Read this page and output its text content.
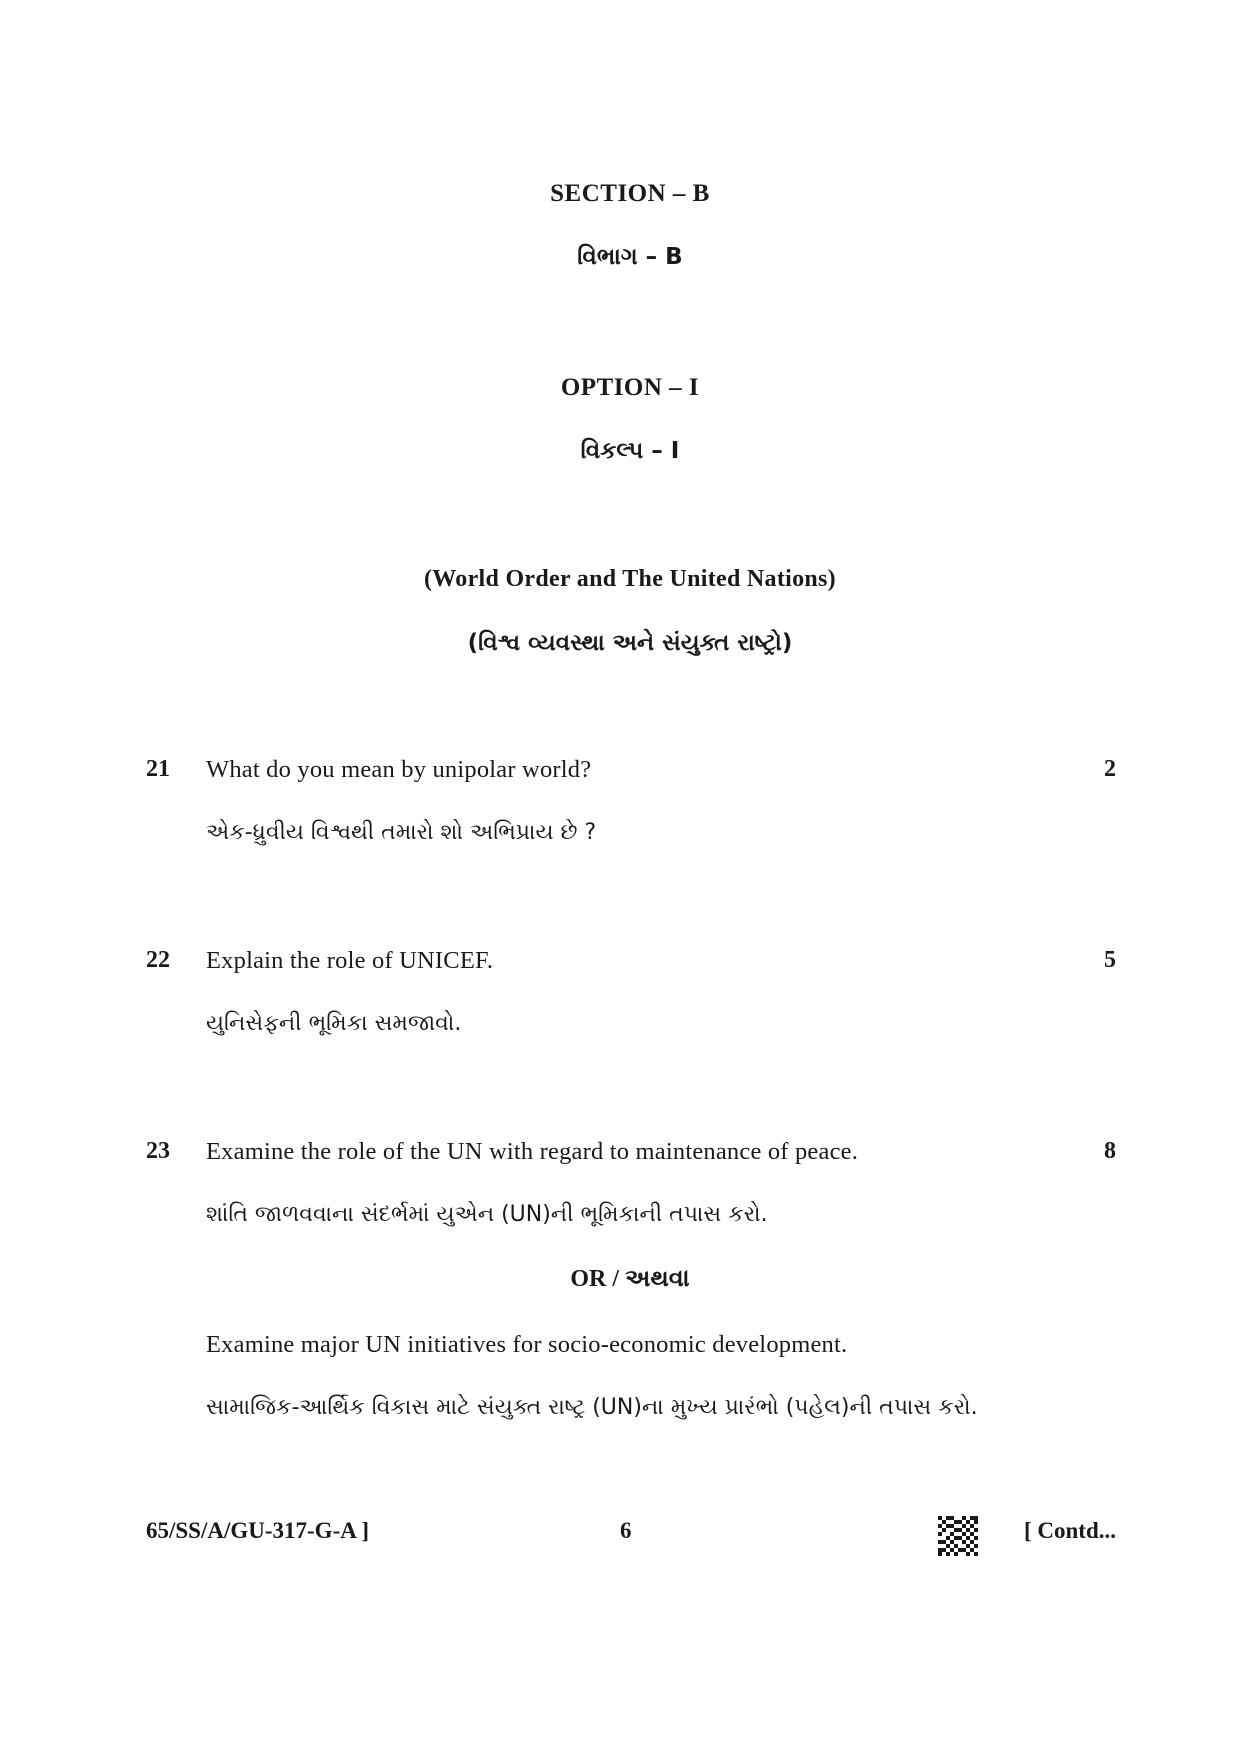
SECTION – B
વિભાગ – B
OPTION – I
વિકલ્પ – I
(World Order and The United Nations)
(વિશ્વ વ્યવસ્થા અને સંયુક્ત રાષ્ટ્રો)
21 What do you mean by unipolar world?	2
એક-ધ્રુવીય વિશ્વથી તમારો શો અભિપ્રાય છે ?
22 Explain the role of UNICEF.	5
યુનિસેફની ભૂમિકા સમજાવો.
23 Examine the role of the UN with regard to maintenance of peace.	8
શાંતિ જાળવવાના સંદર્ભમાં યુએન (UN)ની ભૂમિકાની તપાસ કરો.
OR / અથવા
Examine major UN initiatives for socio-economic development.
સામાજિક-આર્થિક વિકાસ માટે સંયુક્ત રાષ્ટ્ર (UN)ના મુખ્ય પ્રારંભો (પહેલ)ની તપાસ કરો.
65/SS/A/GU-317-G-A ]	6	[ Contd...
